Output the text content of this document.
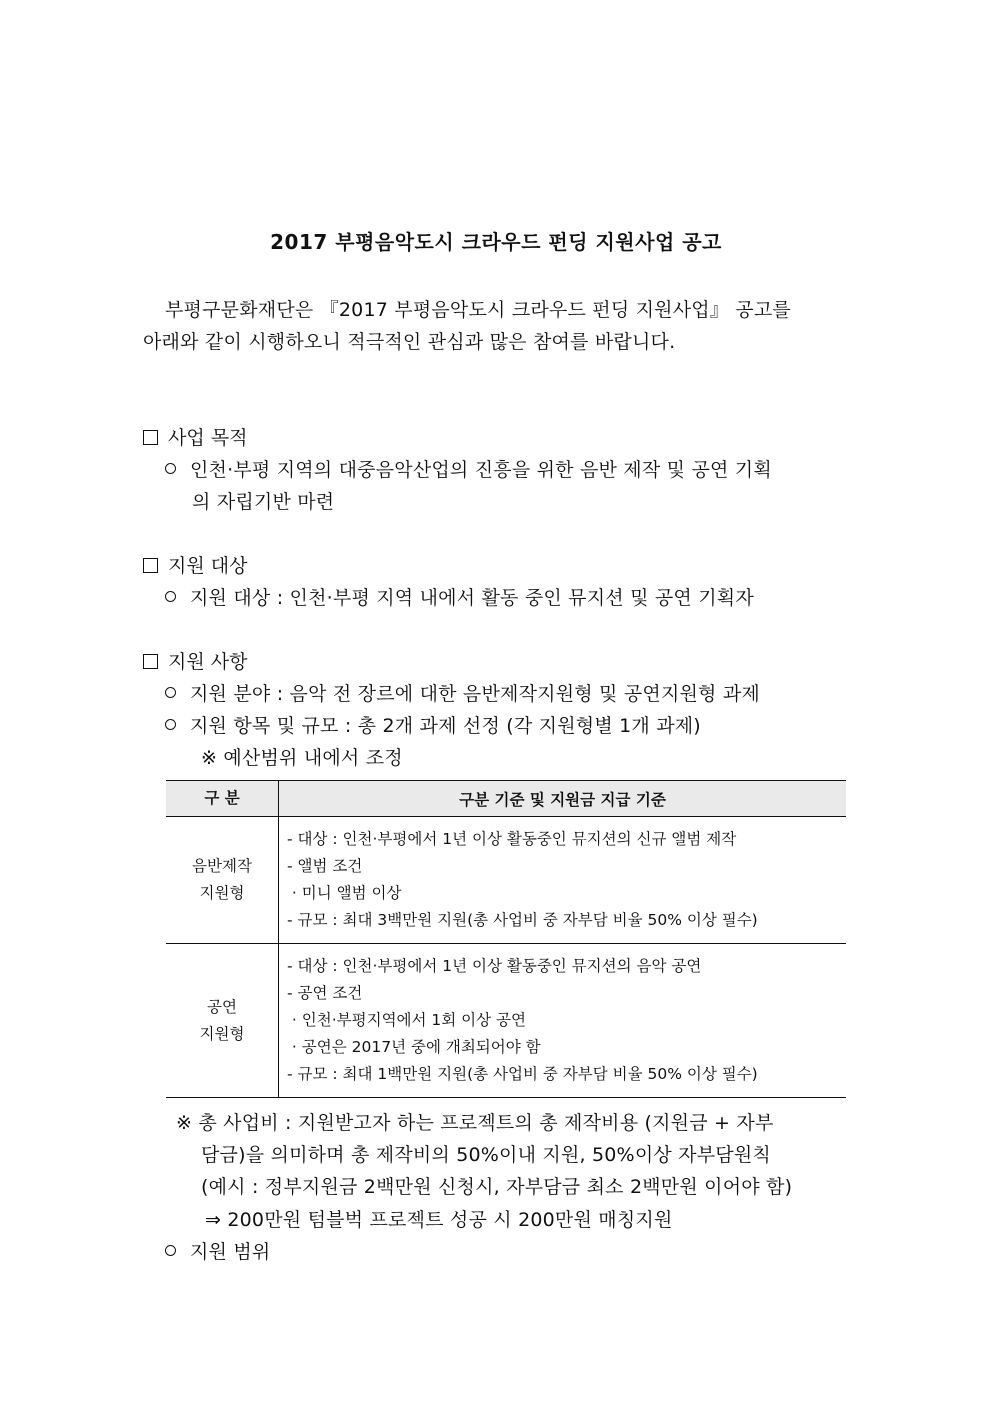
2017 부평음악도시 크라우드 펀딩 지원사업 공고
부평구문화재단은 『2017 부평음악도시 크라우드 펀딩 지원사업』 공고를
아래와 같이 시행하오니 적극적인 관심과 많은 참여를 바랍니다.
사업 목적
인천·부평 지역의 대중음악산업의 진흥을 위한 음반 제작 및 공연 기획
의 자립기반 마련
지원 대상
지원 대상 : 인천·부평 지역 내에서 활동 중인 뮤지션 및 공연 기획자
지원 사항
지원 분야 : 음악 전 장르에 대한 음반제작지원형 및 공연지원형 과제
지원 항목 및 규모 : 총 2개 과제 선정 (각 지원형별 1개 과제)
※ 예산범위 내에서 조정
구 분	구분 기준 및 지원금 지급 기준

음반제작
지원형	- 대상 : 인천·부평에서 1년 이상 활동중인 뮤지션의 신규 앨범 제작
- 앨범 조건
· 미니 앨범 이상
- 규모 : 최대 3백만원 지원(총 사업비 중 자부담 비율 50% 이상 필수)

공연
지원형	- 대상 : 인천·부평에서 1년 이상 활동중인 뮤지션의 음악 공연
- 공연 조건
· 인천·부평지역에서 1회 이상 공연
· 공연은 2017년 중에 개최되어야 함
- 규모 : 최대 1백만원 지원(총 사업비 중 자부담 비율 50% 이상 필수)
※ 총 사업비 : 지원받고자 하는 프로젝트의 총 제작비용 (지원금 + 자부
담금)을 의미하며 총 제작비의 50%이내 지원, 50%이상 자부담원칙
(예시 : 정부지원금 2백만원 신청시, 자부담금 최소 2백만원 이어야 함)
⇒ 200만원 텀블벅 프로젝트 성공 시 200만원 매칭지원
지원 범위
